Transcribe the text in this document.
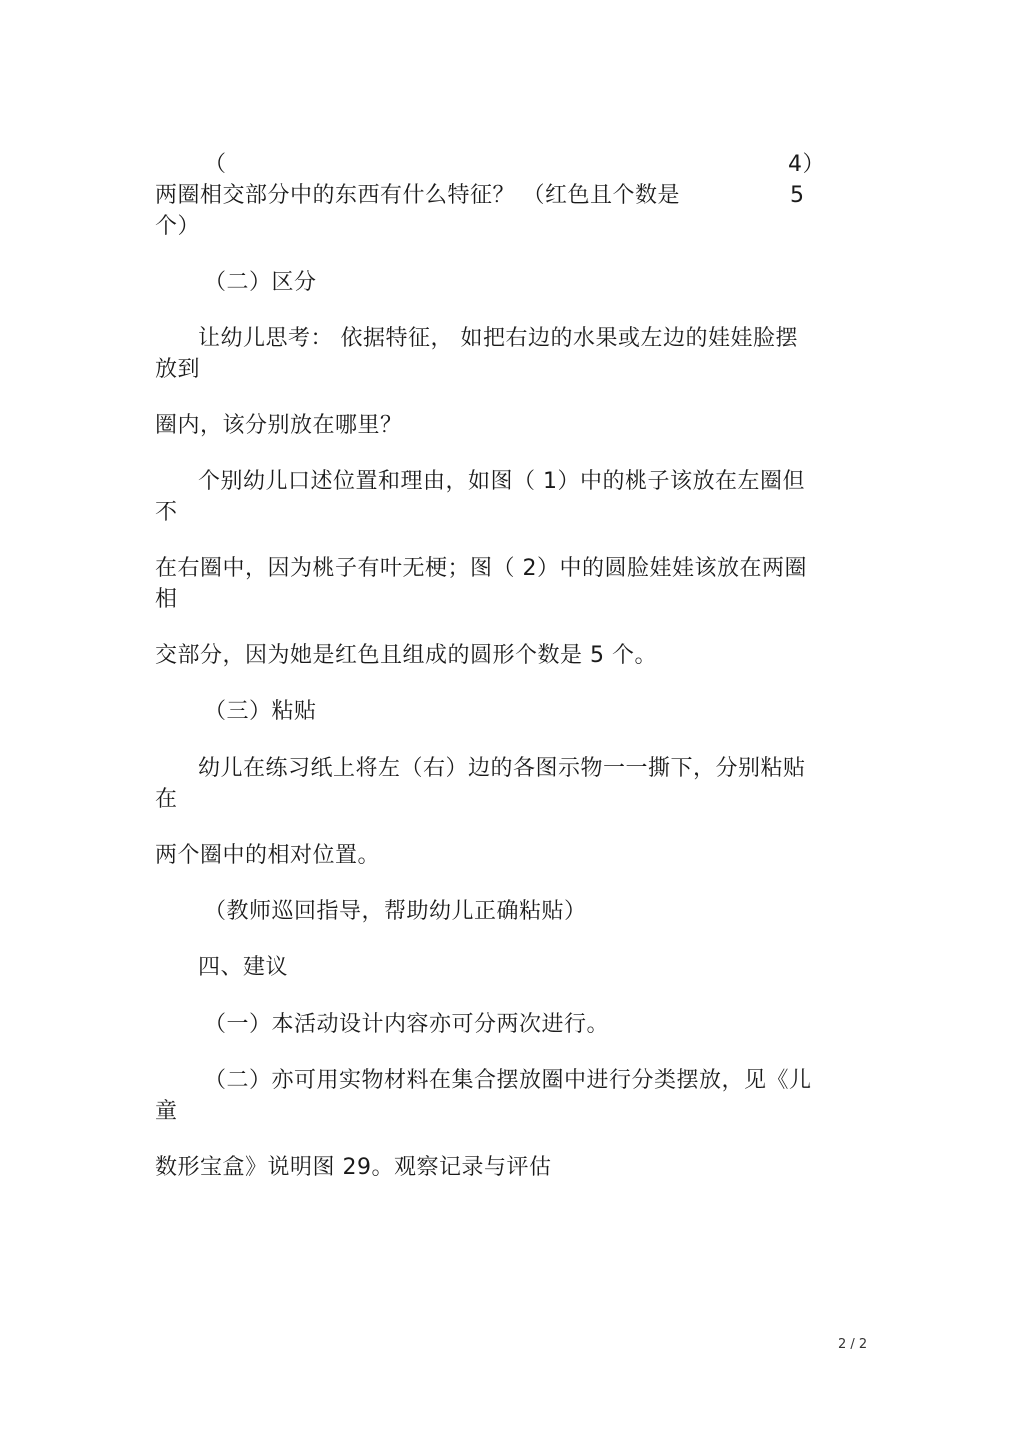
（	4）
两圈相交部分中的东西有什么特征？ （红色且个数是	5
个）
（二）区分
让幼儿思考： 依据特征， 如把右边的水果或左边的娃娃脸摆
放到
圈内，该分别放在哪里？
个别幼儿口述位置和理由，如图（ 1）中的桃子该放在左圈但
不
在右圈中，因为桃子有叶无梗；图（ 2）中的圆脸娃娃该放在两圈
相
交部分，因为她是红色且组成的圆形个数是 5 个。
（三）粘贴
幼儿在练习纸上将左（右）边的各图示物一一撕下，分别粘贴
在
两个圈中的相对位置。
（教师巡回指导，帮助幼儿正确粘贴）
四、建议
（一）本活动设计内容亦可分两次进行。
（二）亦可用实物材料在集合摆放圈中进行分类摆放，见《儿
童
数形宝盒》说明图 29。观察记录与评估
2 / 2
